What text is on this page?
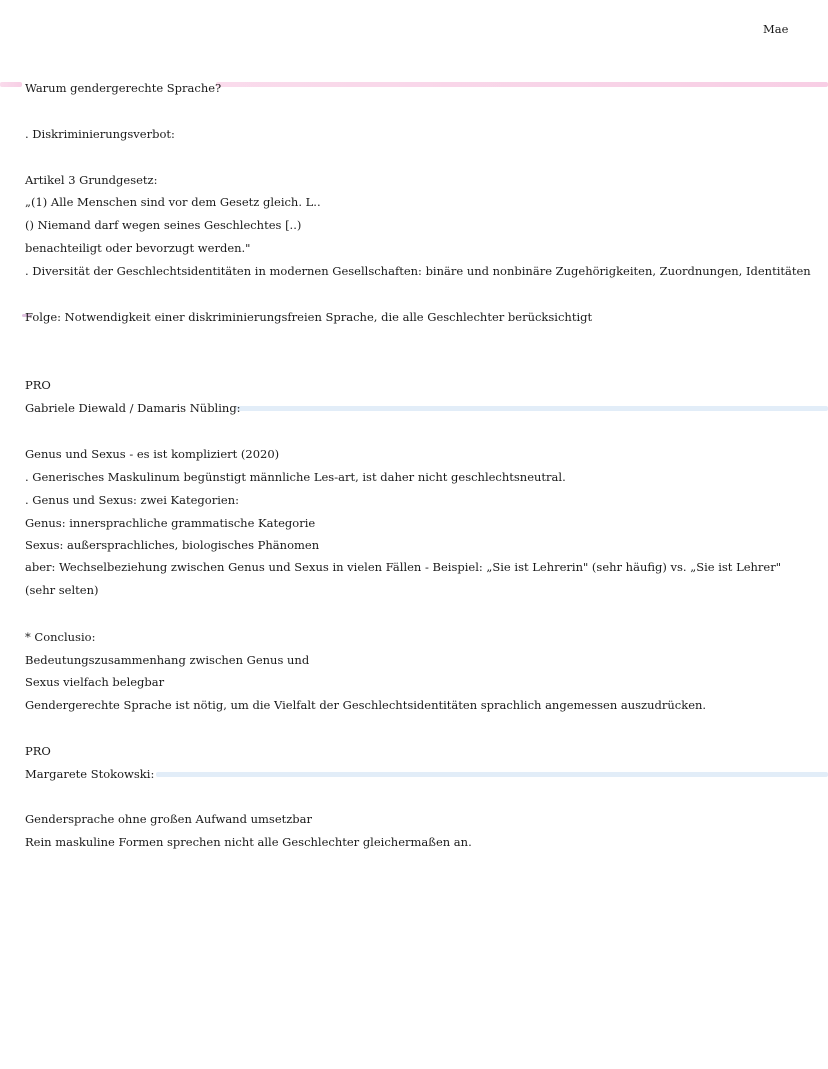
Mae
Warum gendergerechte Sprache?
. Diskriminierungsverbot:
Artikel 3 Grundgesetz:
„(1) Alle Menschen sind vor dem Gesetz gleich. L..
() Niemand darf wegen seines Geschlechtes [..)
benachteiligt oder bevorzugt werden."
. Diversität der Geschlechtsidentitäten in modernen Gesellschaften: binäre und nonbinäre Zugehörigkeiten, Zuordnungen, Identitäten
Folge: Notwendigkeit einer diskriminierungsfreien Sprache, die alle Geschlechter berücksichtigt
PRO
Gabriele Diewald / Damaris Nübling:
Genus und Sexus - es ist kompliziert (2020)
. Generisches Maskulinum begünstigt männliche Les-art, ist daher nicht geschlechtsneutral.
. Genus und Sexus: zwei Kategorien:
Genus: innersprachliche grammatische Kategorie
Sexus: außersprachliches, biologisches Phänomen
aber: Wechselbeziehung zwischen Genus und Sexus in vielen Fällen - Beispiel: „Sie ist Lehrerin" (sehr häufig) vs. „Sie ist Lehrer" (sehr selten)
* Conclusio:
Bedeutungszusammenhang zwischen Genus und
Sexus vielfach belegbar
Gendergerechte Sprache ist nötig, um die Vielfalt der Geschlechtsidentitäten sprachlich angemessen auszudrücken.
PRO
Margarete Stokowski:
Gendersprache ohne großen Aufwand umsetzbar
Rein maskuline Formen sprechen nicht alle Geschlechter gleichermaßen an.
